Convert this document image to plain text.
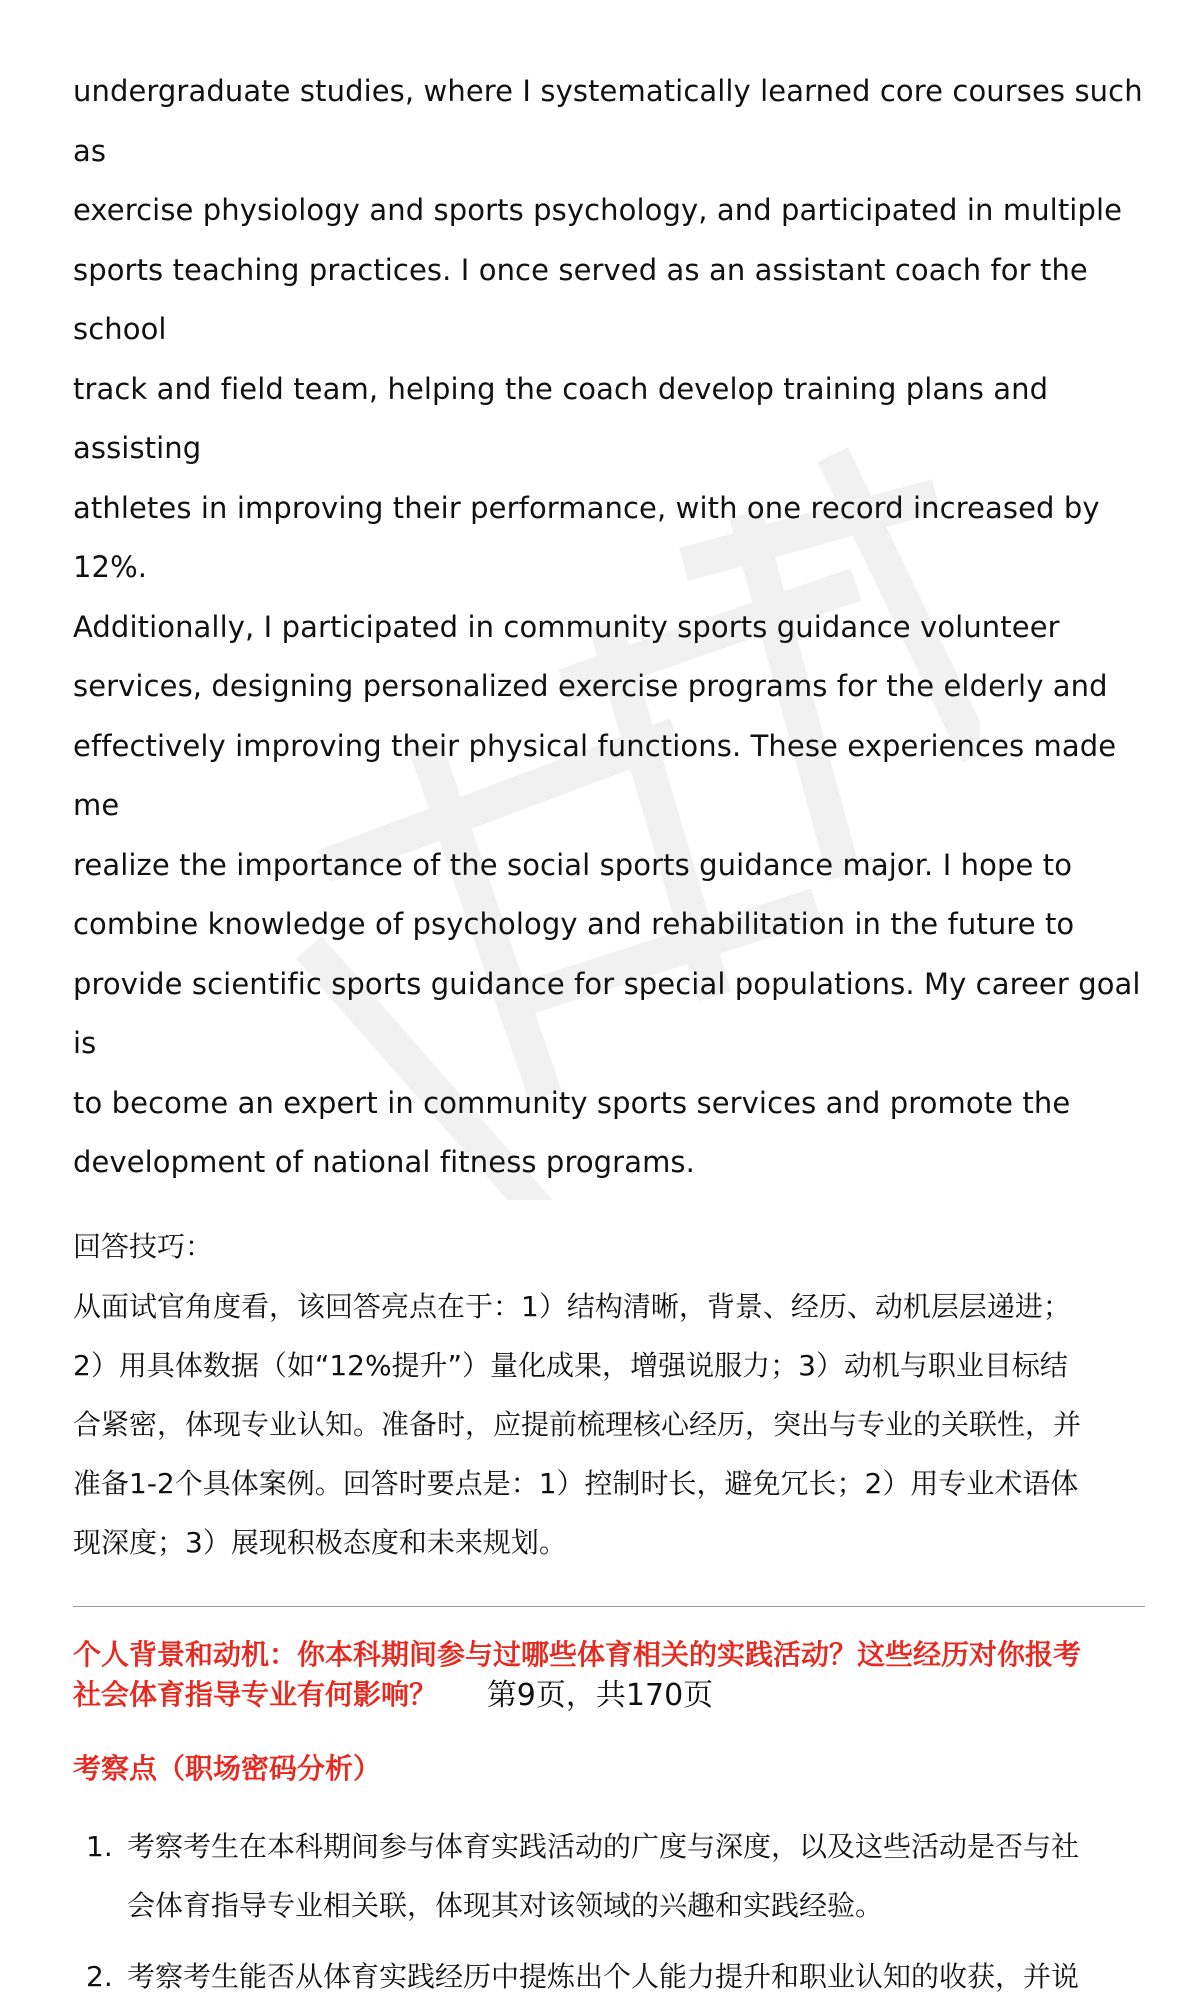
undergraduate studies, where I systematically learned core courses such as
exercise physiology and sports psychology, and participated in multiple
sports teaching practices. I once served as an assistant coach for the school
track and field team, helping the coach develop training plans and assisting
athletes in improving their performance, with one record increased by 12%.
Additionally, I participated in community sports guidance volunteer
services, designing personalized exercise programs for the elderly and
effectively improving their physical functions. These experiences made me
realize the importance of the social sports guidance major. I hope to
combine knowledge of psychology and rehabilitation in the future to
provide scientific sports guidance for special populations. My career goal is
to become an expert in community sports services and promote the
development of national fitness programs.

回答技巧：

从面试官角度看，该回答亮点在于：1）结构清晰，背景、经历、动机层层递进；
2）用具体数据（如“12%提升”）量化成果，增强说服力；3）动机与职业目标结
合紧密，体现专业认知。准备时，应提前梳理核心经历，突出与专业的关联性，并
准备1-2个具体案例。回答时要点是：1）控制时长，避免冗长；2）用专业术语体
现深度；3）展现积极态度和未来规划。

个人背景和动机：你本科期间参与过哪些体育相关的实践活动？这些经历对你报考
社会体育指导专业有何影响？

考察点（职场密码分析）

1. 考察考生在本科期间参与体育实践活动的广度与深度，以及这些活动是否与社
会体育指导专业相关联，体现其对该领域的兴趣和实践经验。
2. 考察考生能否从体育实践经历中提炼出个人能力提升和职业认知的收获，并说
第9页，共170页
